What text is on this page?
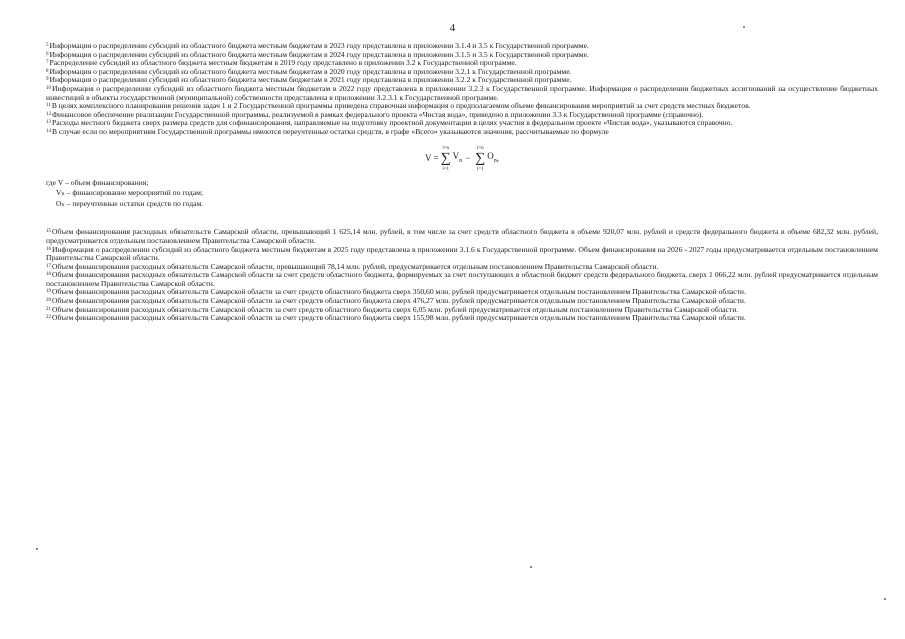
4

$^5$Информация о распределении субсидий из областного бюджета местным бюджетам в 2023 году представлена в приложении 3.1.4 и 3.5 к Государственной программе.

$^6$Информация о распределении субсидий из областного бюджета местным бюджетам в 2024 году представлена в приложении 3.1.5 и 3.5 к Государственной программе.

$^7$Распределение субсидий из областного бюджета местным бюджетам в 2019 году представлено в приложении 3.2 к Государственной программе.

$^8$Информация о распределении субсидий из областного бюджета местным бюджетам в 2020 году представлена в приложении 3.2.1 к Государственной программе.

$^9$Информация о распределении субсидий из областного бюджета местным бюджетам в 2021 году представлена в приложении 3.2.2 к Государственной программе.

$^{10}$Информация о распределении субсидий из областного бюджета местным бюджетам в 2022 году представлена в приложении 3.2.3 к Государственной программе. Информация о распределении бюджетных ассигнований на осуществление бюджетных инвестиций в объекты государственной (муниципальной) собственности представлена в приложении 3.2.3.1 к Государственной программе.

$^{11}$В целях комплексного планирования решения задач 1 и 2 Государственной программы приведена справочная информация о предполагаемом объеме финансирования мероприятий за счет средств местных бюджетов.

$^{12}$Финансовое обеспечение реализации Государственной программы, реализуемой в рамках федерального проекта «Чистая вода», приведено в приложении 3.3 к Государственной программе (справочно).

$^{13}$Расходы местного бюджета сверх размера средств для софинансирования, направляемые на подготовку проектной документации в целях участия в федеральном проекте «Чистая вода», указываются справочно.

$^{14}$В случае если по мероприятиям Государственной программы имеются переучтенные остатки средств, в графе «Всего» указываются значения, рассчитываемые по формуле

V =
i=n
∑
i=1
$V_n$ −
i=n
∑
i=1
$O_n$ ,

где V – объем финансирования;

Vₙ – финансирование мероприятий по годам;

Oₙ – переучтенные остатки средств по годам.

$^{15}$Объем финансирования расходных обязательств Самарской области, превышающий 1 625,14 млн. рублей, в том числе за счет средств областного бюджета в объеме 920,07 млн. рублей и средств федерального бюджета в объеме 682,32 млн. рублей, предусматривается отдельным постановлением Правительства Самарской области.

$^{16}$Информация о распределении субсидий из областного бюджета местным бюджетам в 2025 году представлена в приложении 3.1.6 к Государственной программе. Объем финансирования на 2026 - 2027 годы предусматривается отдельным постановлением Правительства Самарской области.

$^{17}$Объем финансирования расходных обязательств Самарской области, превышающий 78,14 млн. рублей, предусматривается отдельным постановлением Правительства Самарской области.

$^{18}$Объем финансирования расходных обязательств Самарской области за счет средств областного бюджета, формируемых за счет поступающих в областной бюджет средств федерального бюджета, сверх 1 066,22 млн. рублей предусматривается отдельным постановлением Правительства Самарской области.

$^{19}$Объем финансирования расходных обязательств Самарской области за счет средств областного бюджета сверх 350,60 млн. рублей предусматривается отдельным постановлением Правительства Самарской области.

$^{20}$Объем финансирования расходных обязательств Самарской области за счет средств областного бюджета сверх 476,27 млн. рублей предусматривается отдельным постановлением Правительства Самарской области.

$^{21}$Объем финансирования расходных обязательств Самарской области за счет средств областного бюджета сверх 6,05 млн. рублей предусматривается отдельным постановлением Правительства Самарской области.

$^{22}$Объем финансирования расходных обязательств Самарской области за счет средств областного бюджета сверх 155,98 млн. рублей предусматривается отдельным постановлением Правительства Самарской области.
